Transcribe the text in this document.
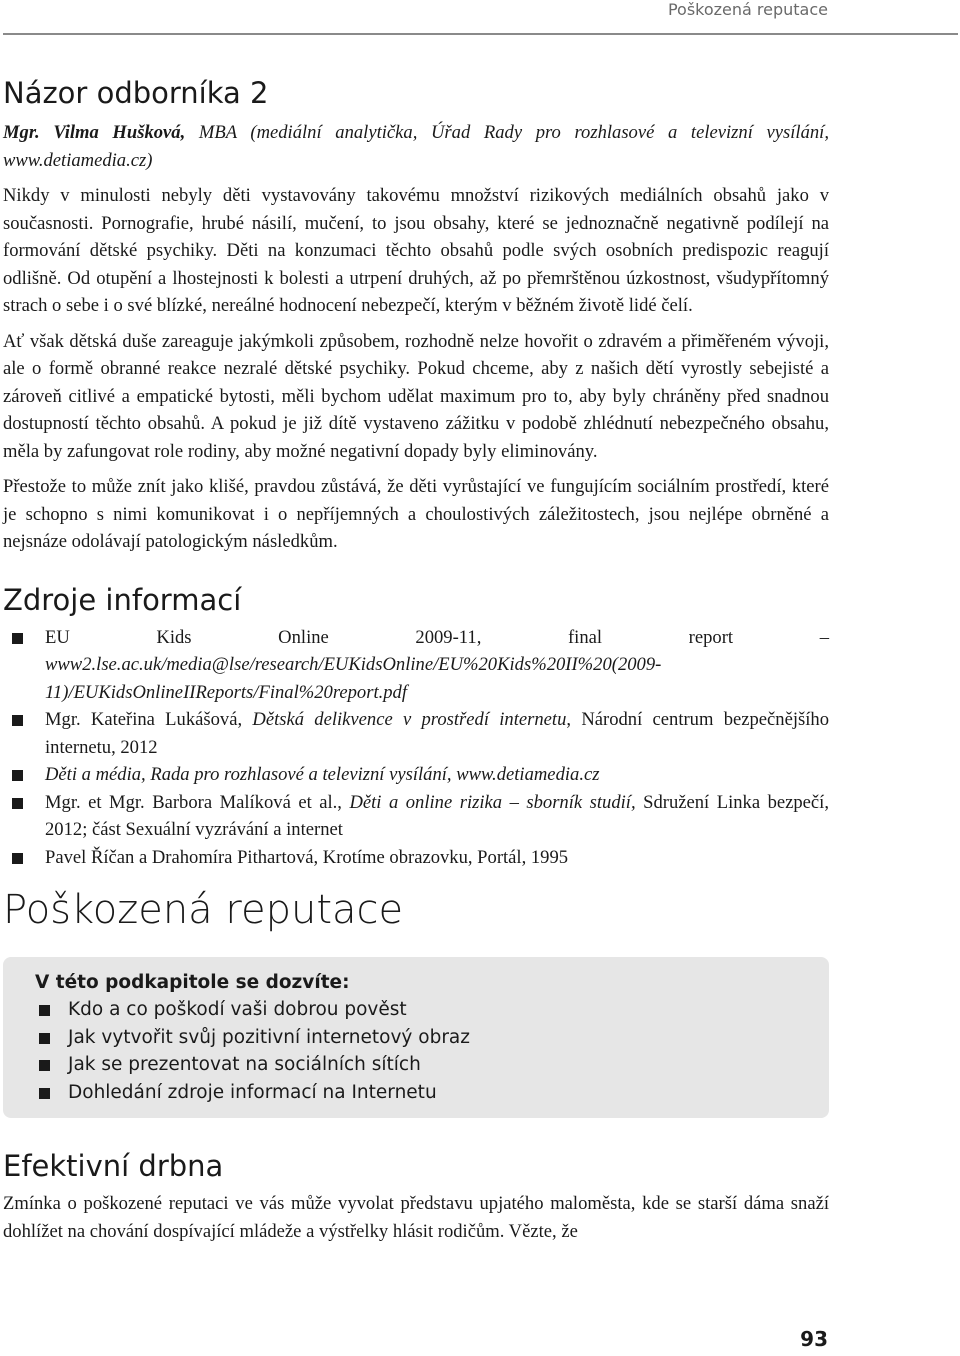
Poškozená reputace
Názor odborníka 2

Mgr. Vilma Hušková, MBA (mediální analytička, Úřad Rady pro rozhlasové a televizní vysílání, www.detiamedia.cz)

Nikdy v minulosti nebyly děti vystavovány takovému množství rizikových mediálních obsahů jako v současnosti. Pornografie, hrubé násilí, mučení, to jsou obsahy, které se jednoznačně negativně podílejí na formování dětské psychiky. Děti na konzumaci těchto obsahů podle svých osobních predispozic reagují odlišně. Od otupění a lhostejnosti k bolesti a utrpení druhých, až po přemrštěnou úzkostnost, všudypřítomný strach o sebe i o své blízké, nereálné hodnocení nebezpečí, kterým v běžném životě lidé čelí.

Ať však dětská duše zareaguje jakýmkoli způsobem, rozhodně nelze hovořit o zdravém a přiměřeném vývoji, ale o formě obranné reakce nezralé dětské psychiky. Pokud chceme, aby z našich dětí vyrostly sebejisté a zároveň citlivé a empatické bytosti, měli bychom udělat maximum pro to, aby byly chráněny před snadnou dostupností těchto obsahů. A pokud je již dítě vystaveno zážitku v podobě zhlédnutí nebezpečného obsahu, měla by zafungovat role rodiny, aby možné negativní dopady byly eliminovány.

Přestože to může znít jako klišé, pravdou zůstává, že děti vyrůstající ve fungujícím sociálním prostředí, které je schopno s nimi komunikovat i o nepříjemných a choulostivých záležitostech, jsou nejlépe obrněné a nejsnáze odolávají patologickým následkům.

Zdroje informací
EU Kids Online 2009-11, final report – www2.lse.ac.uk/media@lse/research/EUKidsOnline/EU%20Kids%20II%20(2009-11)/EUKidsOnlineIIReports/Final%20report.pdf
Mgr. Kateřina Lukášová, Dětská delikvence v prostředí internetu, Národní centrum bezpečnějšího internetu, 2012
Děti a média, Rada pro rozhlasové a televizní vysílání, www.detiamedia.cz
Mgr. et Mgr. Barbora Malíková et al., Děti a online rizika – sborník studií, Sdružení Linka bezpečí, 2012; část Sexuální vyzrávání a internet
Pavel Říčan a Drahomíra Pithartová, Krotíme obrazovku, Portál, 1995
Poškozená reputace
V této podkapitole se dozvíte:
Kdo a co poškodí vaši dobrou pověst
Jak vytvořit svůj pozitivní internetový obraz
Jak se prezentovat na sociálních sítích
Dohledání zdroje informací na Internetu
Efektivní drbna

Zmínka o poškozené reputaci ve vás může vyvolat představu upjatého maloměsta, kde se starší dáma snaží dohlížet na chování dospívající mládeže a výstřelky hlásit rodičům. Vězte, že

93
